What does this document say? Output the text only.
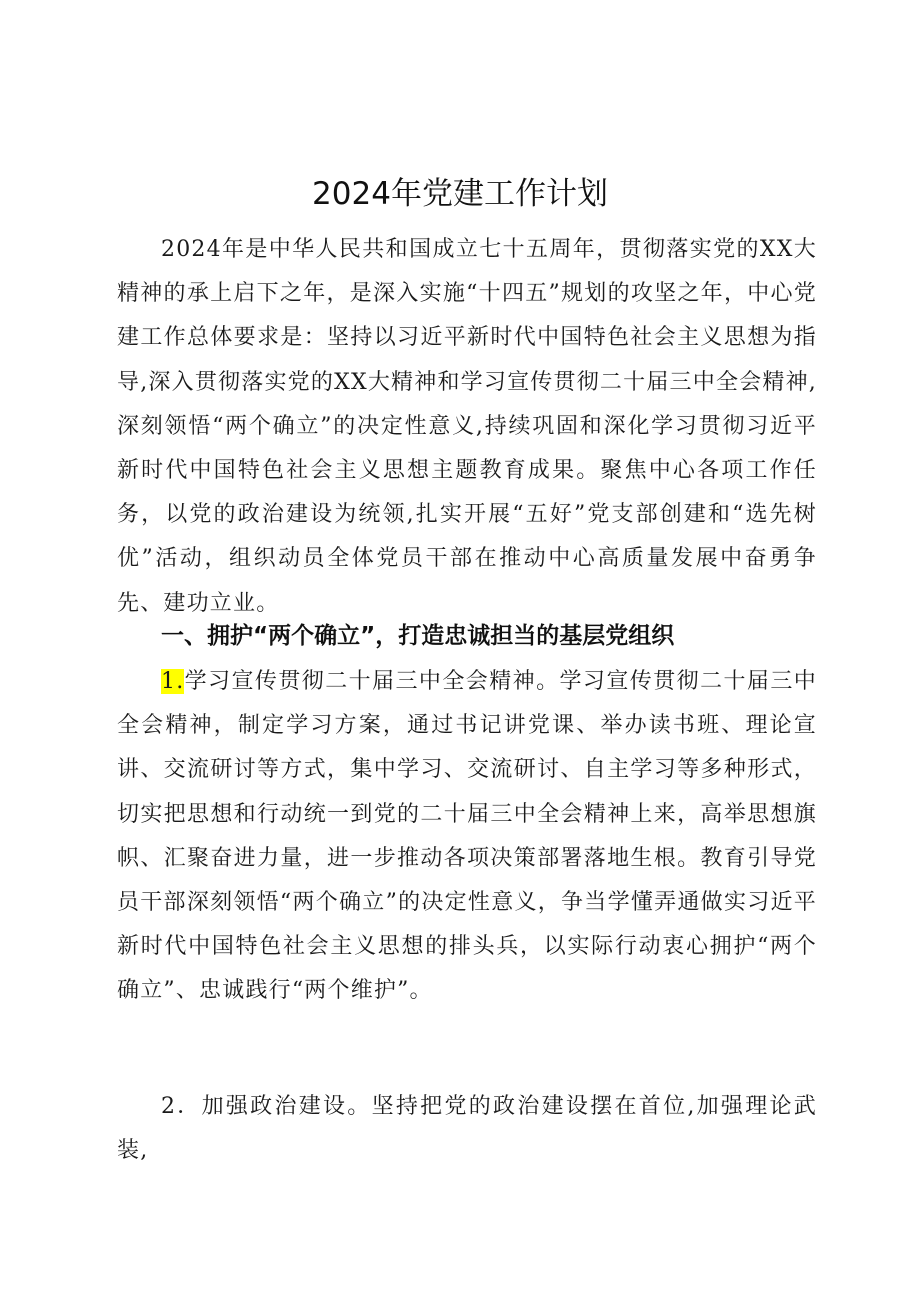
2024年党建工作计划

2024年是中华人民共和国成立七十五周年，贯彻落实党的XX大精神的承上启下之年，是深入实施“十四五”规划的攻坚之年，中心党建工作总体要求是：坚持以习近平新时代中国特色社会主义思想为指导,深入贯彻落实党的XX大精神和学习宣传贯彻二十届三中全会精神,深刻领悟“两个确立”的决定性意义,持续巩固和深化学习贯彻习近平新时代中国特色社会主义思想主题教育成果。聚焦中心各项工作任务，以党的政治建设为统领,扎实开展“五好”党支部创建和“选先树优”活动，组织动员全体党员干部在推动中心高质量发展中奋勇争先、建功立业。

一、拥护“两个确立”，打造忠诚担当的基层党组织

1.学习宣传贯彻二十届三中全会精神。学习宣传贯彻二十届三中全会精神，制定学习方案，通过书记讲党课、举办读书班、理论宣讲、交流研讨等方式，集中学习、交流研讨、自主学习等多种形式，切实把思想和行动统一到党的二十届三中全会精神上来，高举思想旗帜、汇聚奋进力量，进一步推动各项决策部署落地生根。教育引导党员干部深刻领悟“两个确立”的决定性意义，争当学懂弄通做实习近平新时代中国特色社会主义思想的排头兵，以实际行动衷心拥护“两个确立”、忠诚践行“两个维护”。

2．加强政治建设。坚持把党的政治建设摆在首位,加强理论武装,
